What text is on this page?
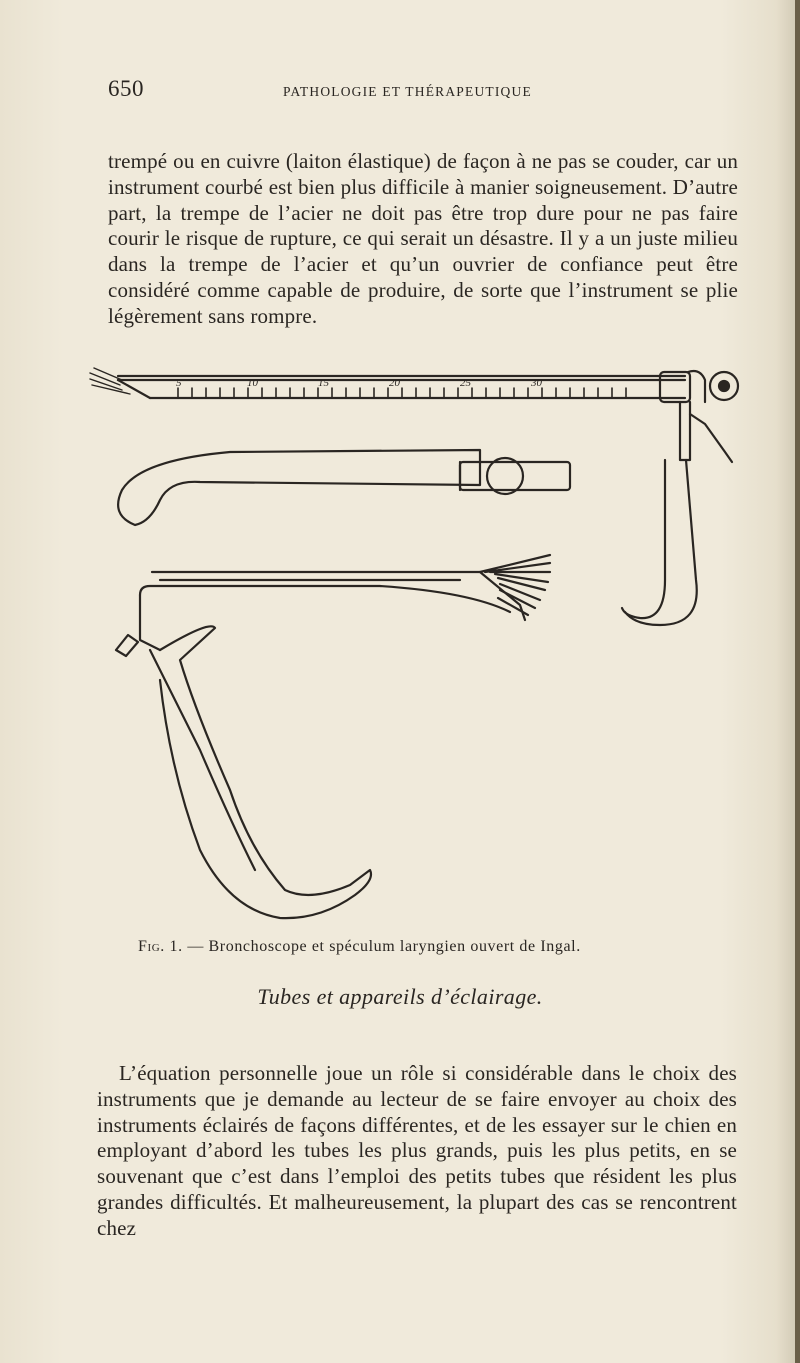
650	PATHOLOGIE ET THÉRAPEUTIQUE

trempé ou en cuivre (laiton élastique) de façon à ne pas se couder, car un instrument courbé est bien plus difficile à manier soigneusement. D’autre part, la trempe de l’acier ne doit pas être trop dure pour ne pas faire courir le risque de rupture, ce qui serait un désastre. Il y a un juste milieu dans la trempe de l’acier et qu’un ouvrier de confiance peut être considéré comme capable de produire, de sorte que l’instrument se plie légèrement sans rompre.

5	10	15	20	25	30
Fig. 1. — Bronchoscope et spéculum laryngien ouvert de Ingal.
Tubes et appareils d’éclairage.

L’équation personnelle joue un rôle si considérable dans le choix des instruments que je demande au lecteur de se faire envoyer au choix des instruments éclairés de façons différentes, et de les essayer sur le chien en employant d’abord les tubes les plus grands, puis les plus petits, en se souvenant que c’est dans l’emploi des petits tubes que résident les plus grandes difficultés. Et malheureusement, la plupart des cas se rencontrent chez
